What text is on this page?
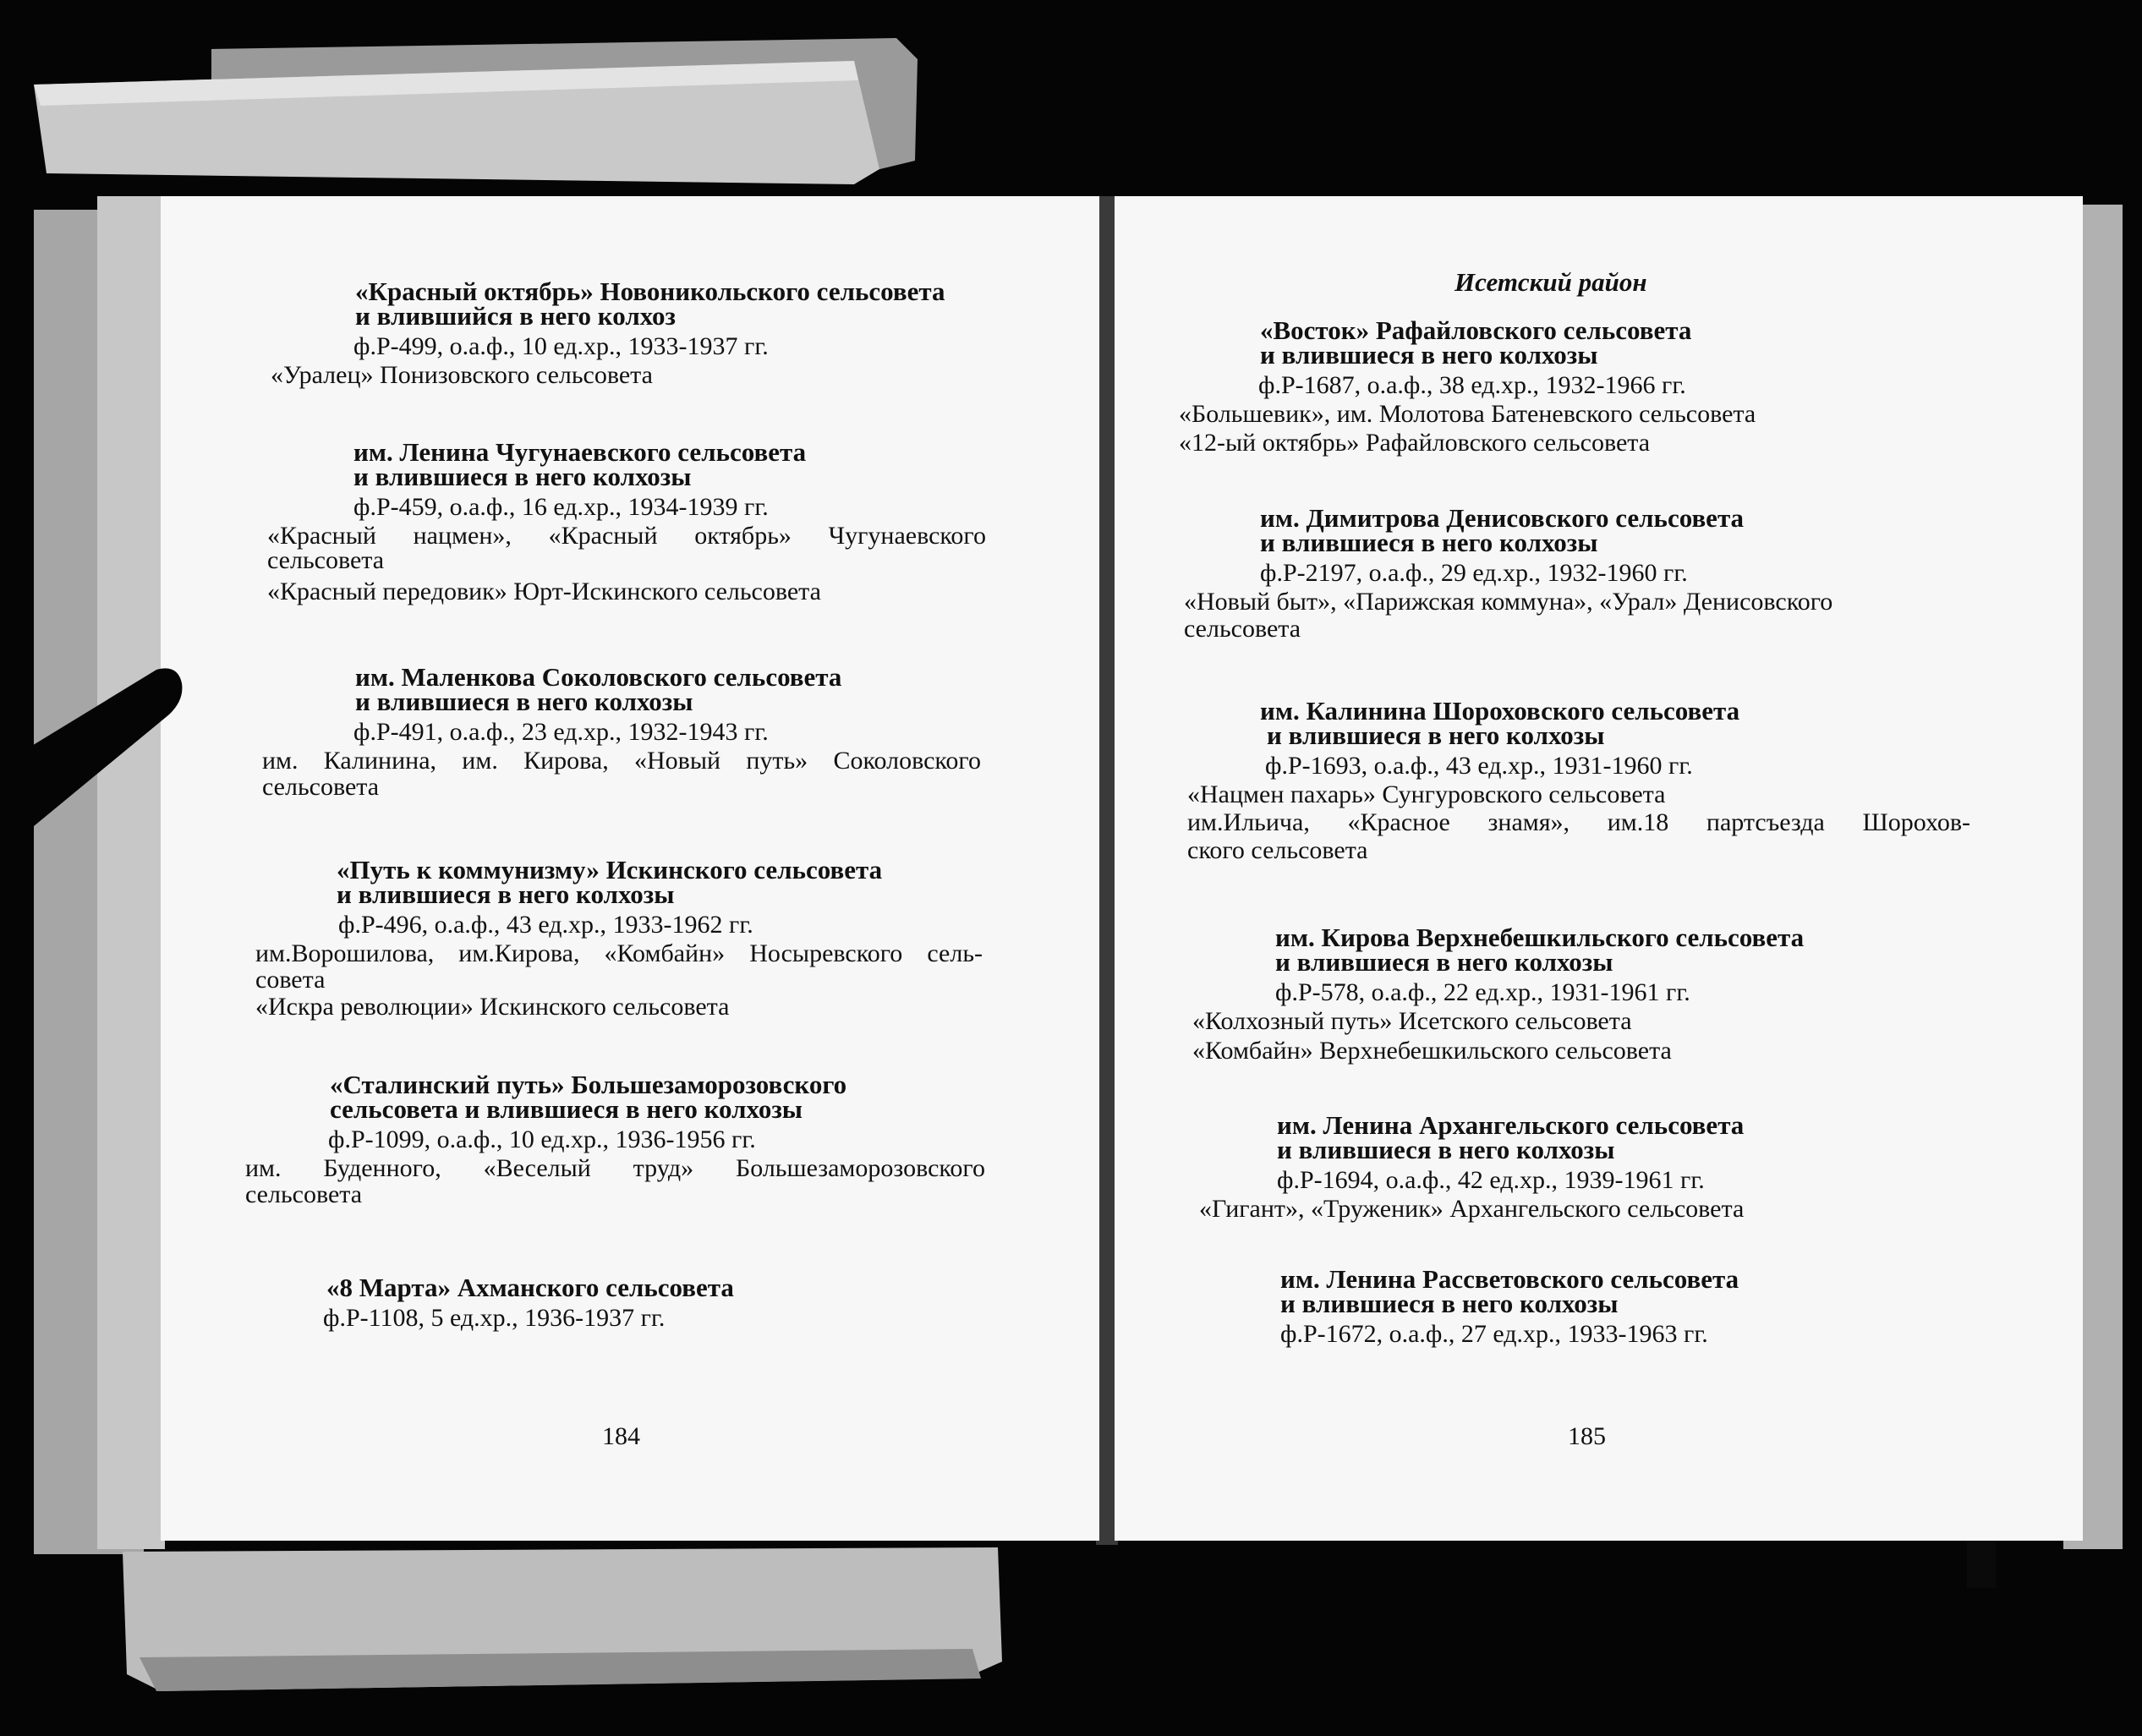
«Красный октябрь» Новоникольского сельсовета
и влившийся в него колхоз
ф.Р-499, о.а.ф., 10 ед.хр., 1933-1937 гг.
«Уралец» Понизовского сельсовета
им. Ленина Чугунаевского сельсовета
и влившиеся в него колхозы
ф.Р-459, о.а.ф., 16 ед.хр., 1934-1939 гг.
«Красный нацмен», «Красный октябрь» Чугунаевского
сельсовета
«Красный передовик» Юрт-Искинского сельсовета
им. Маленкова Соколовского сельсовета
и влившиеся в него колхозы
ф.Р-491, о.а.ф., 23 ед.хр., 1932-1943 гг.
им. Калинина, им. Кирова, «Новый путь» Соколовского
сельсовета
«Путь к коммунизму» Искинского сельсовета
и влившиеся в него колхозы
ф.Р-496, о.а.ф., 43 ед.хр., 1933-1962 гг.
им.Ворошилова, им.Кирова, «Комбайн» Носыревского сель-
совета
«Искра революции» Искинского сельсовета
«Сталинский путь» Большезаморозовского
сельсовета и влившиеся в него колхозы
ф.Р-1099, о.а.ф., 10 ед.хр., 1936-1956 гг.
им. Буденного, «Веселый труд» Большезаморозовского
сельсовета
«8 Марта» Ахманского сельсовета
ф.Р-1108, 5 ед.хр., 1936-1937 гг.
184
Исетский район
«Восток» Рафайловского сельсовета
и влившиеся в него колхозы
ф.Р-1687, о.а.ф., 38 ед.хр., 1932-1966 гг.
«Большевик», им. Молотова Батеневского сельсовета
«12-ый октябрь» Рафайловского сельсовета
им. Димитрова Денисовского сельсовета
и влившиеся в него колхозы
ф.Р-2197, о.а.ф., 29 ед.хр., 1932-1960 гг.
«Новый быт», «Парижская коммуна», «Урал» Денисовского
сельсовета
им. Калинина Шороховского сельсовета
и влившиеся в него колхозы
ф.Р-1693, о.а.ф., 43 ед.хр., 1931-1960 гг.
«Нацмен пахарь» Сунгуровского сельсовета
им.Ильича, «Красное знамя», им.18 партсъезда Шорохов-
ского сельсовета
им. Кирова Верхнебешкильского сельсовета
и влившиеся в него колхозы
ф.Р-578, о.а.ф., 22 ед.хр., 1931-1961 гг.
«Колхозный путь» Исетского сельсовета
«Комбайн» Верхнебешкильского сельсовета
им. Ленина Архангельского сельсовета
и влившиеся в него колхозы
ф.Р-1694, о.а.ф., 42 ед.хр., 1939-1961 гг.
«Гигант», «Труженик» Архангельского сельсовета
им. Ленина Рассветовского сельсовета
и влившиеся в него колхозы
ф.Р-1672, о.а.ф., 27 ед.хр., 1933-1963 гг.
185
